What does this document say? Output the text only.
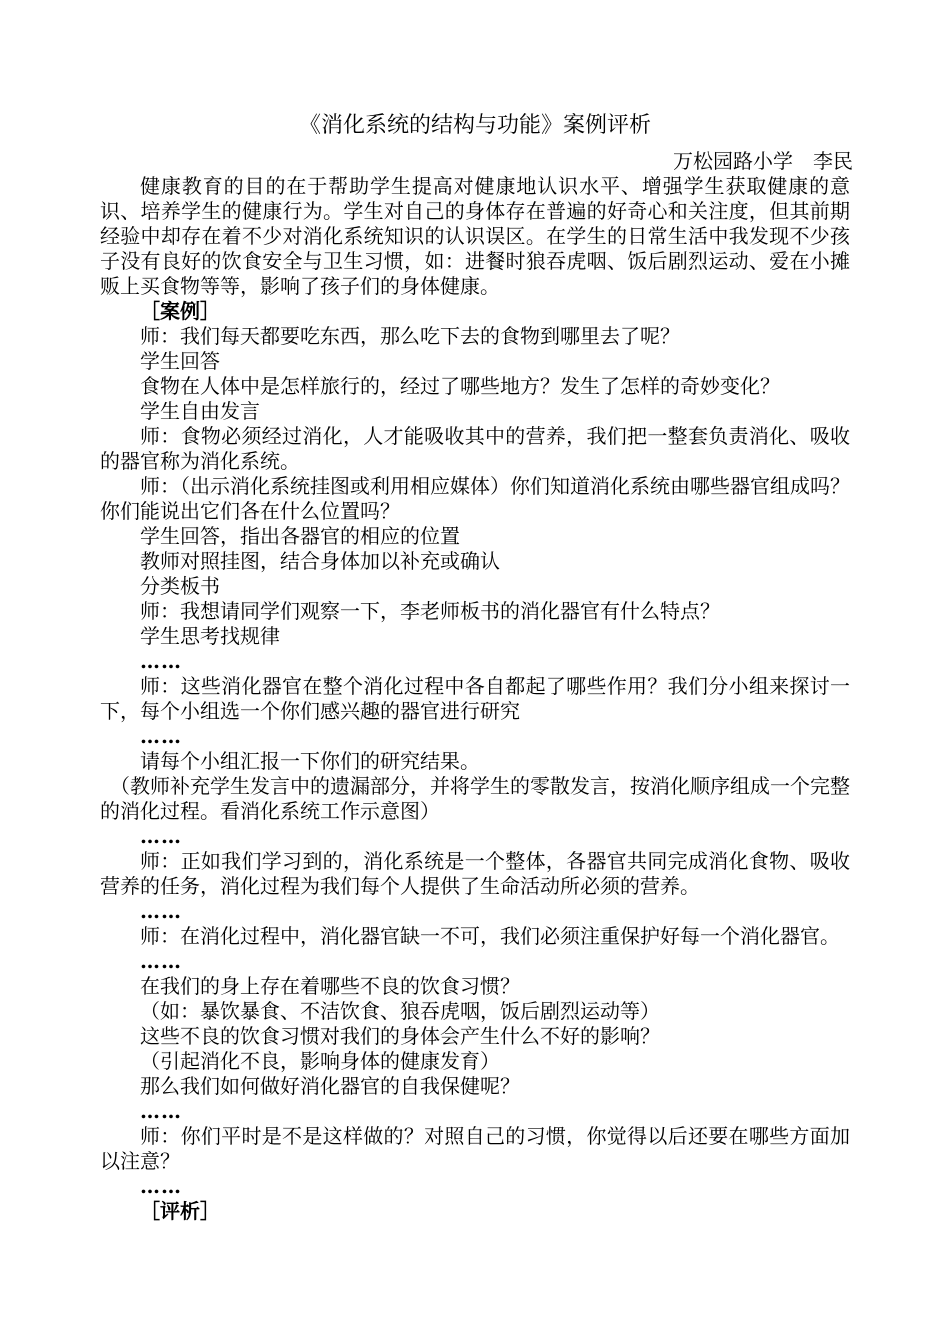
《消化系统的结构与功能》案例评析
万松园路小学　李民

健康教育的目的在于帮助学生提高对健康地认识水平、增强学生获取健康的意识、培养学生的健康行为。学生对自己的身体存在普遍的好奇心和关注度，但其前期经验中却存在着不少对消化系统知识的认识误区。在学生的日常生活中我发现不少孩子没有良好的饮食安全与卫生习惯，如：进餐时狼吞虎咽、饭后剧烈运动、爱在小摊贩上买食物等等，影响了孩子们的身体健康。

［案例］

师：我们每天都要吃东西，那么吃下去的食物到哪里去了呢？

学生回答

食物在人体中是怎样旅行的，经过了哪些地方？发生了怎样的奇妙变化？

学生自由发言

师：食物必须经过消化，人才能吸收其中的营养，我们把一整套负责消化、吸收的器官称为消化系统。

师：（出示消化系统挂图或利用相应媒体）你们知道消化系统由哪些器官组成吗？你们能说出它们各在什么位置吗？

学生回答，指出各器官的相应的位置

教师对照挂图，结合身体加以补充或确认

分类板书

师：我想请同学们观察一下，李老师板书的消化器官有什么特点？

学生思考找规律

……

师：这些消化器官在整个消化过程中各自都起了哪些作用？我们分小组来探讨一下，每个小组选一个你们感兴趣的器官进行研究

……

请每个小组汇报一下你们的研究结果。

（教师补充学生发言中的遗漏部分，并将学生的零散发言，按消化顺序组成一个完整的消化过程。看消化系统工作示意图）

……

师：正如我们学习到的，消化系统是一个整体，各器官共同完成消化食物、吸收营养的任务，消化过程为我们每个人提供了生命活动所必须的营养。

……

师：在消化过程中，消化器官缺一不可，我们必须注重保护好每一个消化器官。

……

在我们的身上存在着哪些不良的饮食习惯？

（如：暴饮暴食、不洁饮食、狼吞虎咽，饭后剧烈运动等）

这些不良的饮食习惯对我们的身体会产生什么不好的影响？

（引起消化不良，影响身体的健康发育）

那么我们如何做好消化器官的自我保健呢？

……

师：你们平时是不是这样做的？对照自己的习惯，你觉得以后还要在哪些方面加以注意？

……

［评析］
